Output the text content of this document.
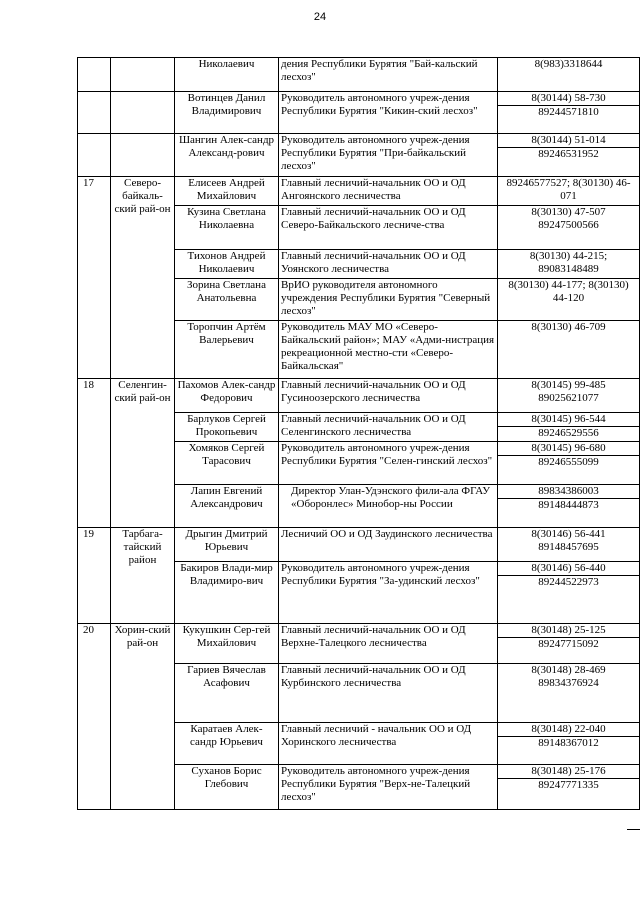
24
		Николаевич	дения Республики Бурятия "Бай-кальский лесхоз"	8(983)3318644

		Вотинцев Данил Владимирович	Руководитель автономного учреж-дения Республики Бурятия "Кикин-ский лесхоз"	8(30144) 58-730
89244571810

		Шангин Алек-сандр Александ-рович	Руководитель автономного учреж-дения Республики Бурятия "При-байкальский лесхоз"	8(30144) 51-014
89246531952

17	Северо-байкаль-ский рай-он	Елисеев Андрей Михайлович	Главный лесничий-начальник ОО и ОД Ангоянского лесничества	89246577527; 8(30130) 46-071

		Кузина Светлана Николаевна	Главный лесничий-начальник ОО и ОД Северо-Байкальского лесниче-ства	8(30130) 47-507 89247500566

		Тихонов Андрей Николаевич	Главный лесничий-начальник ОО и ОД Уоянского лесничества	8(30130) 44-215; 89083148489

		Зорина Светлана Анатольевна	ВрИО руководителя автономного учреждения Республики Бурятия "Северный лесхоз"	8(30130) 44-177; 8(30130) 44-120

		Торопчин Артём Валерьевич	Руководитель МАУ МО «Северо-Байкальский район»; МАУ «Адми-нистрация рекреационной местно-сти «Северо-Байкальская"	8(30130) 46-709

18	Селенгин-ский рай-он	Пахомов Алек-сандр Федорович	Главный лесничий-начальник ОО и ОД Гусиноозерского лесничества	8(30145) 99-485 89025621077

		Барлуков Сергей Прокопьевич	Главный лесничий-начальник ОО и ОД Селенгинского лесничества	8(30145) 96-544
89246529556

		Хомяков Сергей Тарасович	Руководитель автономного учреж-дения Республики Бурятия "Селен-гинский лесхоз"	8(30145) 96-680
89246555099

		Лапин Евгений Александрович	Директор Улан-Удэнского фили-ала ФГАУ «Оборонлес» Минобор-ны России	89834386003
89148444873

19	Тарбага-тайский район	Дрыгин Дмитрий Юрьевич	Лесничий ОО и ОД Заудинского лесничества	8(30146) 56-441 89148457695

		Бакиров Влади-мир Владимиро-вич	Руководитель автономного учреж-дения Республики Бурятия "За-удинский лесхоз"	8(30146) 56-440
89244522973

20	Хорин-ский рай-он	Кукушкин Сер-гей Михайлович	Главный лесничий-начальник ОО и ОД Верхне-Талецкого лесничества	8(30148) 25-125
89247715092

		Гариев Вячеслав Асафович	Главный лесничий-начальник ОО и ОД Курбинского лесничества	8(30148) 28-469 89834376924

		Каратаев Алек-сандр Юрьевич	Главный лесничий - начальник ОО и ОД Хоринского лесничества	8(30148) 22-040
89148367012

		Суханов Борис Глебович	Руководитель автономного учреж-дения Республики Бурятия "Верх-не-Талецкий лесхоз"	8(30148) 25-176
89247771335
